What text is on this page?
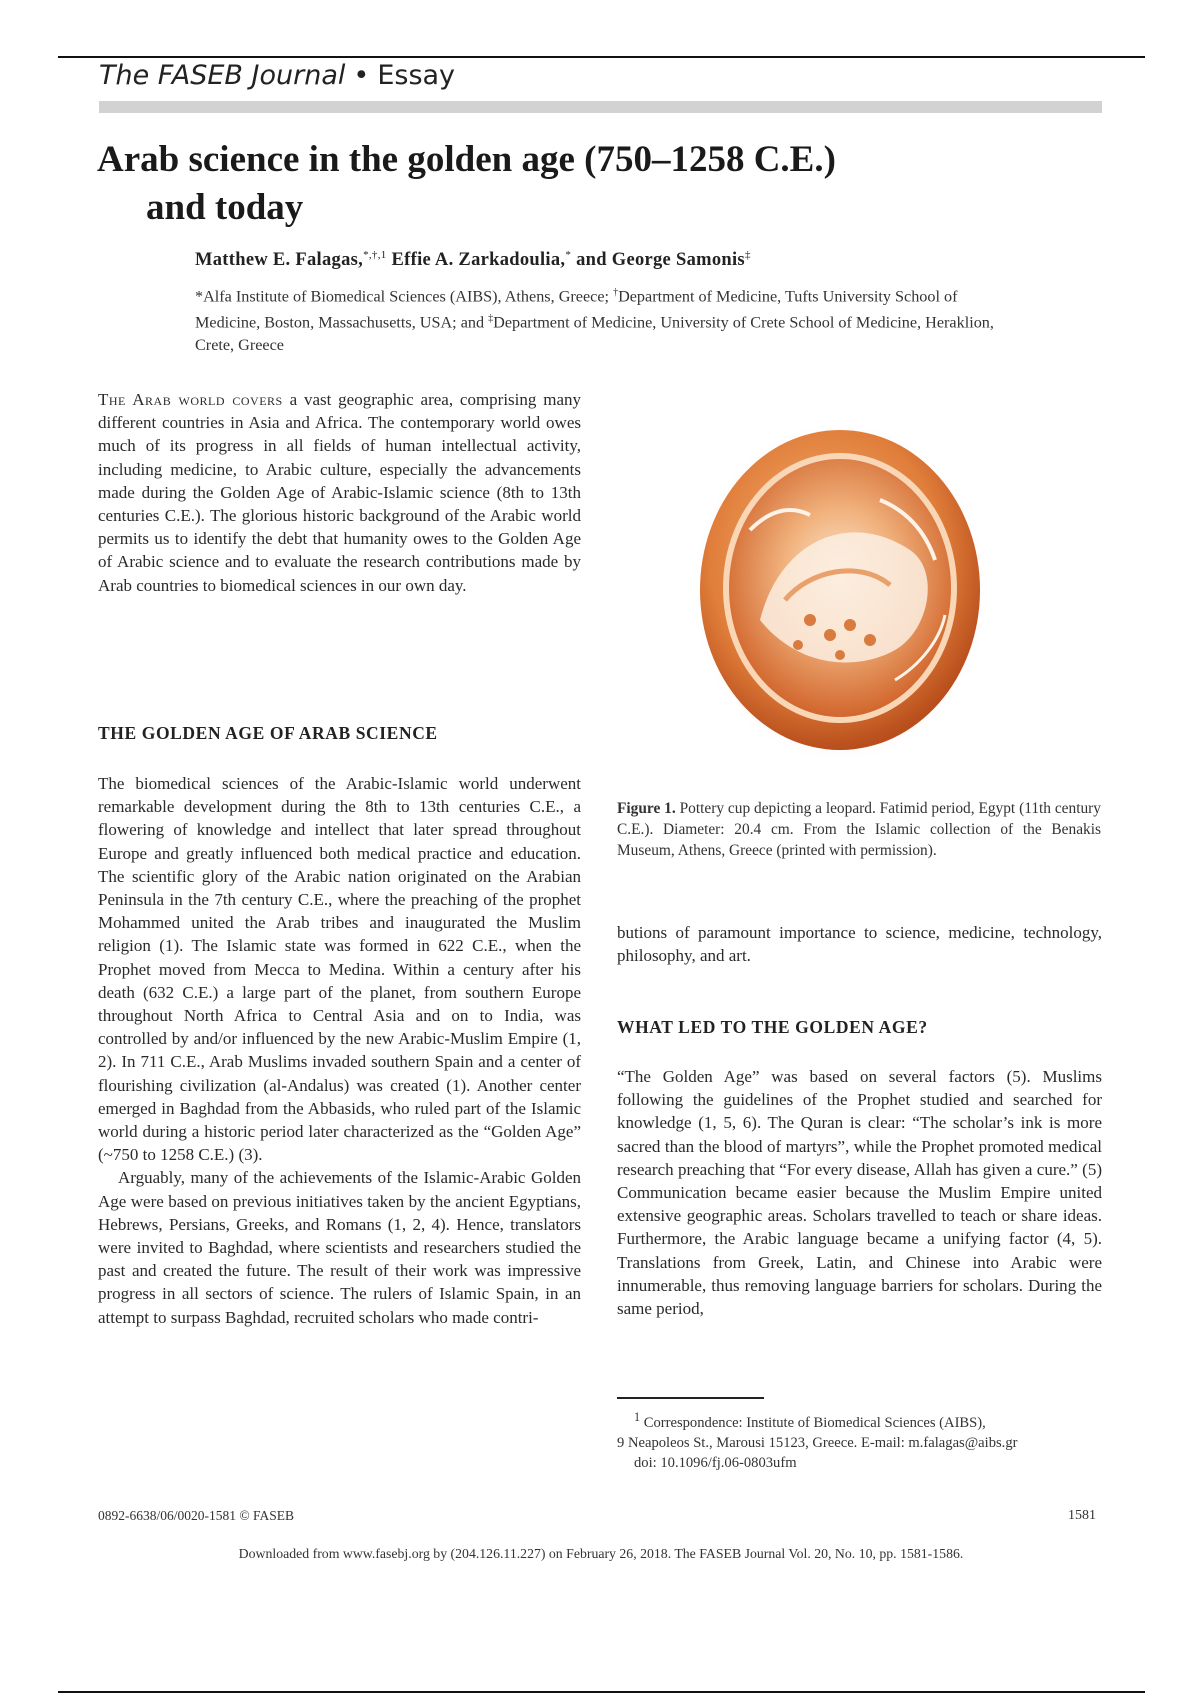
The FASEB Journal • Essay
Arab science in the golden age (750–1258 C.E.)
and today
Matthew E. Falagas,$^{*,\dagger,1}$ Effie A. Zarkadoulia,* and George Samonis‡
*Alfa Institute of Biomedical Sciences (AIBS), Athens, Greece; †Department of Medicine, Tufts University School of Medicine, Boston, Massachusetts, USA; and ‡Department of Medicine, University of Crete School of Medicine, Heraklion, Crete, Greece
The Arab world covers a vast geographic area, comprising many different countries in Asia and Africa. The contemporary world owes much of its progress in all fields of human intellectual activity, including medicine, to Arabic culture, especially the advancements made during the Golden Age of Arabic-Islamic science (8th to 13th centuries C.E.). The glorious historic background of the Arabic world permits us to identify the debt that humanity owes to the Golden Age of Arabic science and to evaluate the research contributions made by Arab countries to biomedical sciences in our own day.
THE GOLDEN AGE OF ARAB SCIENCE

The biomedical sciences of the Arabic-Islamic world underwent remarkable development during the 8th to 13th centuries C.E., a flowering of knowledge and intellect that later spread throughout Europe and greatly influenced both medical practice and education. The scientific glory of the Arabic nation originated on the Arabian Peninsula in the 7th century C.E., where the preaching of the prophet Mohammed united the Arab tribes and inaugurated the Muslim religion (1). The Islamic state was formed in 622 C.E., when the Prophet moved from Mecca to Medina. Within a century after his death (632 C.E.) a large part of the planet, from southern Europe throughout North Africa to Central Asia and on to India, was controlled by and/or influenced by the new Arabic-Muslim Empire (1, 2). In 711 C.E., Arab Muslims invaded southern Spain and a center of flourishing civilization (al-Andalus) was created (1). Another center emerged in Baghdad from the Abbasids, who ruled part of the Islamic world during a historic period later characterized as the “Golden Age” (~750 to 1258 C.E.) (3).

Arguably, many of the achievements of the Islamic-Arabic Golden Age were based on previous initiatives taken by the ancient Egyptians, Hebrews, Persians, Greeks, and Romans (1, 2, 4). Hence, translators were invited to Baghdad, where scientists and researchers studied the past and created the future. The result of their work was impressive progress in all sectors of science. The rulers of Islamic Spain, in an attempt to surpass Baghdad, recruited scholars who made contri-

Figure 1. Pottery cup depicting a leopard. Fatimid period, Egypt (11th century C.E.). Diameter: 20.4 cm. From the Islamic collection of the Benakis Museum, Athens, Greece (printed with permission).
butions of paramount importance to science, medicine, technology, philosophy, and art.
WHAT LED TO THE GOLDEN AGE?
“The Golden Age” was based on several factors (5). Muslims following the guidelines of the Prophet studied and searched for knowledge (1, 5, 6). The Quran is clear: “The scholar’s ink is more sacred than the blood of martyrs”, while the Prophet promoted medical research preaching that “For every disease, Allah has given a cure.” (5) Communication became easier because the Muslim Empire united extensive geographic areas. Scholars travelled to teach or share ideas. Furthermore, the Arabic language became a unifying factor (4, 5). Translations from Greek, Latin, and Chinese into Arabic were innumerable, thus removing language barriers for scholars. During the same period,
$^1$ Correspondence: Institute of Biomedical Sciences (AIBS),
9 Neapoleos St., Marousi 15123, Greece. E-mail: m.falagas@aibs.gr
doi: 10.1096/fj.06-0803ufm
0892-6638/06/0020-1581 © FASEB	1581
Downloaded from www.fasebj.org by (204.126.11.227) on February 26, 2018. The FASEB Journal Vol. 20, No. 10, pp. 1581-1586.
